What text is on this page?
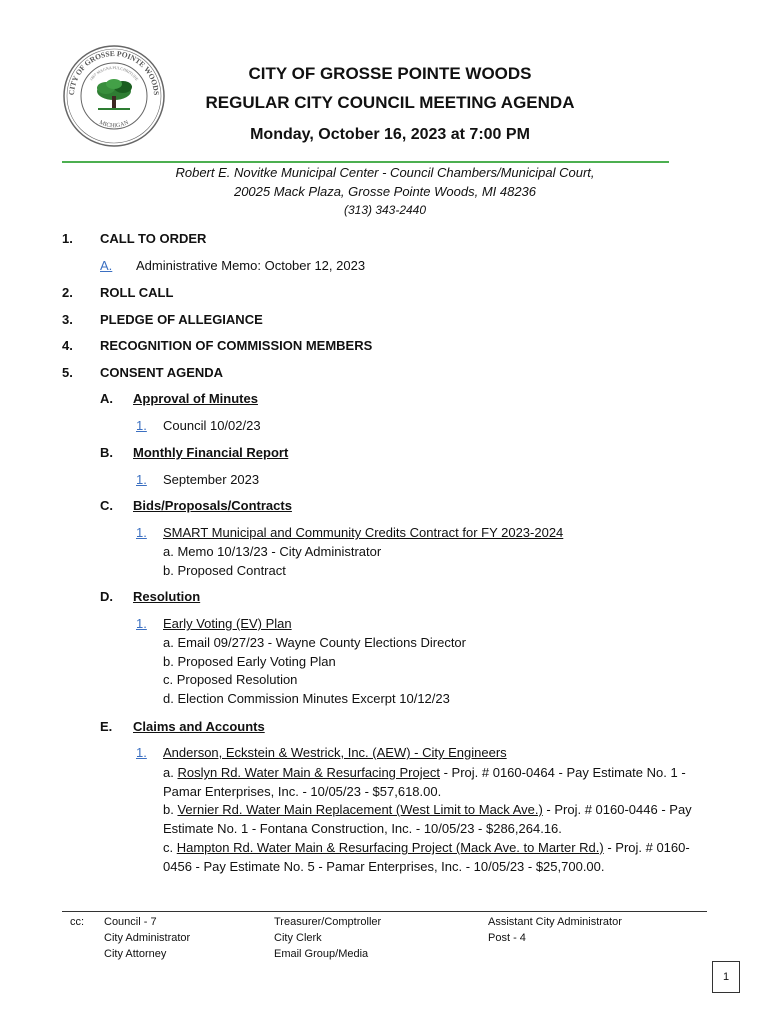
CITY OF GROSSE POINTE WOODS
1867 MAGNA PULCHRITUDE
MICHIGAN
CITY OF GROSSE POINTE WOODS
REGULAR CITY COUNCIL MEETING AGENDA
Monday, October 16, 2023 at 7:00 PM
Robert E. Novitke Municipal Center - Council Chambers/Municipal Court,
20025 Mack Plaza, Grosse Pointe Woods, MI 48236
(313) 343-2440
1. CALL TO ORDER
A. Administrative Memo: October 12, 2023
2. ROLL CALL
3. PLEDGE OF ALLEGIANCE
4. RECOGNITION OF COMMISSION MEMBERS
5. CONSENT AGENDA
A. Approval of Minutes
1. Council 10/02/23
B. Monthly Financial Report
1. September 2023
C. Bids/Proposals/Contracts
1. SMART Municipal and Community Credits Contract for FY 2023-2024
a. Memo 10/13/23 - City Administrator
b. Proposed Contract
D. Resolution
1. Early Voting (EV) Plan
a. Email 09/27/23 - Wayne County Elections Director
b. Proposed Early Voting Plan
c. Proposed Resolution
d. Election Commission Minutes Excerpt 10/12/23
E. Claims and Accounts
1. Anderson, Eckstein & Westrick, Inc. (AEW) - City Engineers
a. Roslyn Rd. Water Main & Resurfacing Project - Proj. # 0160-0464 - Pay Estimate No. 1 - Pamar Enterprises, Inc. - 10/05/23 - $57,618.00.
b. Vernier Rd. Water Main Replacement (West Limit to Mack Ave.) - Proj. # 0160-0446 - Pay Estimate No. 1 - Fontana Construction, Inc. - 10/05/23 - $286,264.16.
c. Hampton Rd. Water Main & Resurfacing Project (Mack Ave. to Marter Rd.) - Proj. # 0160-0456 - Pay Estimate No. 5 - Pamar Enterprises, Inc. - 10/05/23 - $25,700.00.
cc: Council - 7
City Administrator
City Attorney
Treasurer/Comptroller
City Clerk
Email Group/Media
Assistant City Administrator
Post - 4
1
